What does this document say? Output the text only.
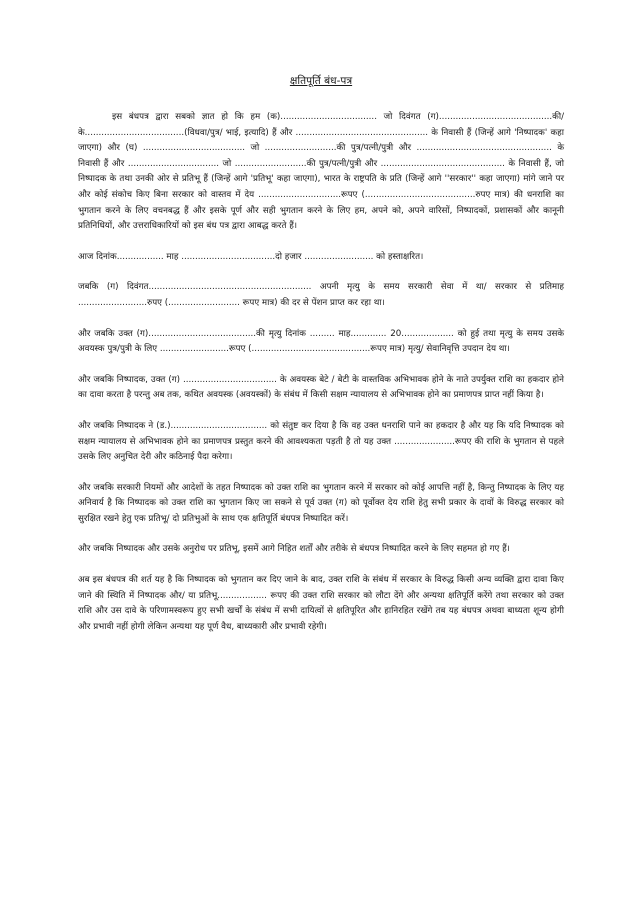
क्षतिपूर्ति बंध-पत्र

इस बंधपत्र द्वारा सबको ज्ञात हो कि हम (क)................................... जो दिवंगत (ग).........................................की/के....................................(विधवा/पुत्र/ भाई, इत्यादि) हैं और ................................................ के निवासी हैं (जिन्हें आगे 'निष्पादक' कहा जाएगा) और (घ) ..................................... जो ..........................की पुत्र/पत्नी/पुत्री और ................................................. के निवासी हैं और ................................. जो ..........................की पुत्र/पत्नी/पुत्री और ............................................. के निवासी हैं, जो निष्पादक के तथा उनकी ओर से प्रतिभू हैं (जिन्हें आगे 'प्रतिभू' कहा जाएगा), भारत के राष्ट्रपति के प्रति (जिन्हें आगे ''सरकार'' कहा जाएगा) मांगे जाने पर और कोई संकोच किए बिना सरकार को वास्तव में देय ..............................रूपए (........................................रुपए मात्र) की धनराशि का भुगतान करने के लिए वचनबद्ध हैं और इसके पूर्ण और सही भुगतान करने के लिए हम, अपने को, अपने वारिसों, निष्पादकों, प्रशासकों और कानूनी प्रतिनिधियों, और उत्तराधिकारियों को इस बंध पत्र द्वारा आबद्ध करते हैं।

आज दिनांक................. माह ..................................दो हजार ......................... को हस्ताक्षरित।

जबकि (ग) दिवंगत........................................................... अपनी मृत्यु के समय सरकारी सेवा में था/ सरकार से प्रतिमाह .........................रुपए (.......................... रूपए मात्र) की दर से पेंशन प्राप्त कर रहा था।

और जबकि उक्त (ग).......................................की मृत्यु दिनांक ......... माह............. 20................... को हुई तथा मृत्यु के समय उसके अवयस्क पुत्र/पुत्री के लिए .........................रूपए (...........................................रूपए मात्र) मृत्यु/ सेवानिवृत्ति उपदान देय था।

और जबकि निष्पादक, उक्त (ग) .................................. के अवयस्क बेटे / बेटी के वास्तविक अभिभावक होने के नाते उपर्युक्त राशि का हकदार होने का दावा करता है परन्तु अब तक, कथित अवयस्क (अवयस्कों) के संबंध में किसी सक्षम न्यायालय से अभिभावक होने का प्रमाणपत्र प्राप्त नहीं किया है।

और जबकि निष्पादक ने (ड.)................................... को संतुष्ट कर दिया है कि वह उक्त धनराशि पाने का हकदार है और यह कि यदि निष्पादक को सक्षम न्यायालय से अभिभावक होने का प्रमाणपत्र प्रस्तुत करने की आवश्यकता पड़ती है तो यह उक्त ......................रूपए की राशि के भुगतान से पहले उसके लिए अनुचित देरी और कठिनाई पैदा करेगा।

और जबकि सरकारी नियमों और आदेशों के तहत निष्पादक को उक्त राशि का भुगतान करने में सरकार को कोई आपत्ति नहीं है, किन्तु निष्पादक के लिए यह अनिवार्य है कि निष्पादक को उक्त राशि का भुगतान किए जा सकने से पूर्व उक्त (ग) को पूर्वोक्त देय राशि हेतु सभी प्रकार के दावों के विरुद्ध सरकार को सुरक्षित रखने हेतु एक प्रतिभू/ दो प्रतिभुओं के साथ एक क्षतिपूर्ति बंधपत्र निष्पादित करें।

और जबकि निष्पादक और उसके अनुरोध पर प्रतिभू, इसमें आगे निहित शर्तों और तरीके से बंधपत्र निष्पादित करने के लिए सहमत हो गए हैं।

अब इस बंधपत्र की शर्त यह है कि निष्पादक को भुगतान कर दिए जाने के बाद, उक्त राशि के संबंध में सरकार के विरुद्ध किसी अन्य व्यक्ति द्वारा दावा किए जाने की स्थिति में निष्पादक और/ या प्रतिभू.................. रूपए की उक्त राशि सरकार को लौटा देंगे और अन्यथा क्षतिपूर्ति करेंगे तथा सरकार को उक्त राशि और उस दावे के परिणामस्वरूप हुए सभी खर्चों के संबंध में सभी दायित्वों से क्षतिपूरित और हानिरहित रखेंगे तब यह बंधपत्र अथवा बाध्यता शून्य होगी और प्रभावी नहीं होगी लेकिन अन्यथा यह पूर्ण वैध, बाध्यकारी और प्रभावी रहेगी।
